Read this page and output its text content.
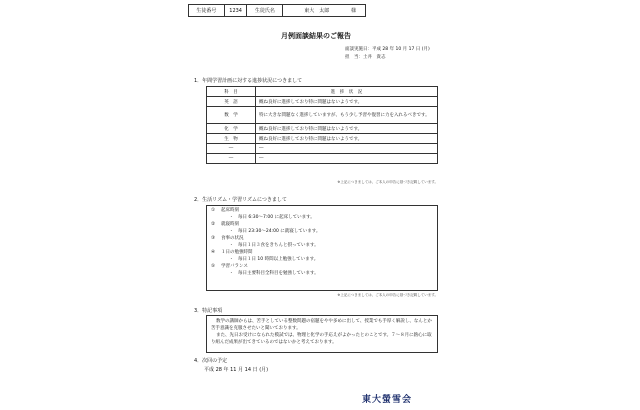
生徒番号	1234	生徒氏名	東大　太郎	様
月例面談結果のご報告
面談実施日：平成 28 年 10 月 17 日 (月)
担　当：土井　貴志
1．年間学習計画に対する進捗状況につきまして
科　目	進　捗　状　況
英　語	概ね良好に進捗しており特に問題はないようです。
数　学	特に大きな問題なく進捗していますが、もう少し予習や復習に力を入れるべきです。
化　学	概ね良好に進捗しており特に問題はないようです。
生　物	概ね良好に進捗しており特に問題はないようです。
―	―
―	―
※上記につきましては、ご本人の申告に基づき記載しています。
2．生活リズム・学習リズムにつきまして
① 起床時刻
・　毎日 6:30〜7:00 に起床しています。
② 就寝時刻
・　毎日 23:30〜24:00 に就寝しています。
③ 食事の状況
・　毎日１日３食をきちんと摂っています。
④ １日の勉強時間
・　毎日１日 10 時間以上勉強しています。
⑤ 学習バランス
・　毎日主要科目全科目を勉強しています。
※上記につきましては、ご本人の申告に基づき記載しています。
3．特記事項

数学の講師からは、苦手としている整数問題の宿題をやや多めに出して、授業でも手厚く解説し、なんとか苦手意識を克服させたいと聞いております。

また、先日お受けになられた模試では、物理と化学の手応えがよかったとのことです。７〜８月に熱心に取り組んだ成果が出てきているのではないかと考えております。

4．次回の予定
平成 28 年 11 月 14 日 (月)
東大螢雪会
